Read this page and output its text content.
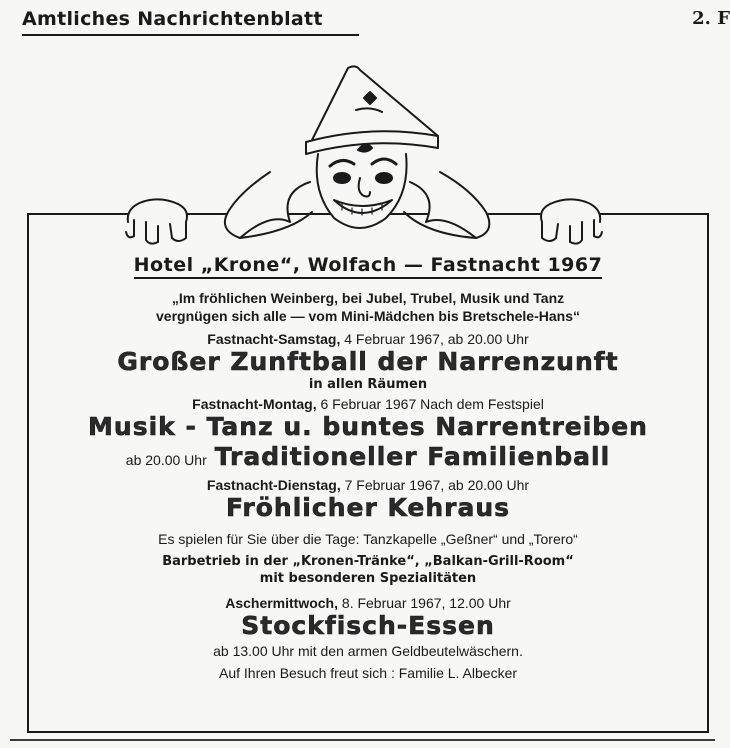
Amtliches Nachrichtenblatt	2. F
Hotel „Krone“, Wolfach — Fastnacht 1967
„Im fröhlichen Weinberg, bei Jubel, Trubel, Musik und Tanz
vergnügen sich alle — vom Mini-Mädchen bis Bretschele-Hans“
Fastnacht-Samstag, 4 Februar 1967, ab 20.00 Uhr
Großer Zunftball der Narrenzunft
in allen Räumen
Fastnacht-Montag, 6 Februar 1967 Nach dem Festspiel
Musik - Tanz u. buntes Narrentreiben
ab 20.00 Uhr Traditioneller Familienball
Fastnacht-Dienstag, 7 Februar 1967, ab 20.00 Uhr
Fröhlicher Kehraus
Es spielen für Sie über die Tage: Tanzkapelle „Geßner“ und „Torero“
Barbetrieb in der „Kronen-Tränke“, „Balkan-Grill-Room“
mit besonderen Spezialitäten
Aschermittwoch, 8. Februar 1967, 12.00 Uhr
Stockfisch-Essen
ab 13.00 Uhr mit den armen Geldbeutelwäschern.
Auf Ihren Besuch freut sich : Familie L. Albecker
